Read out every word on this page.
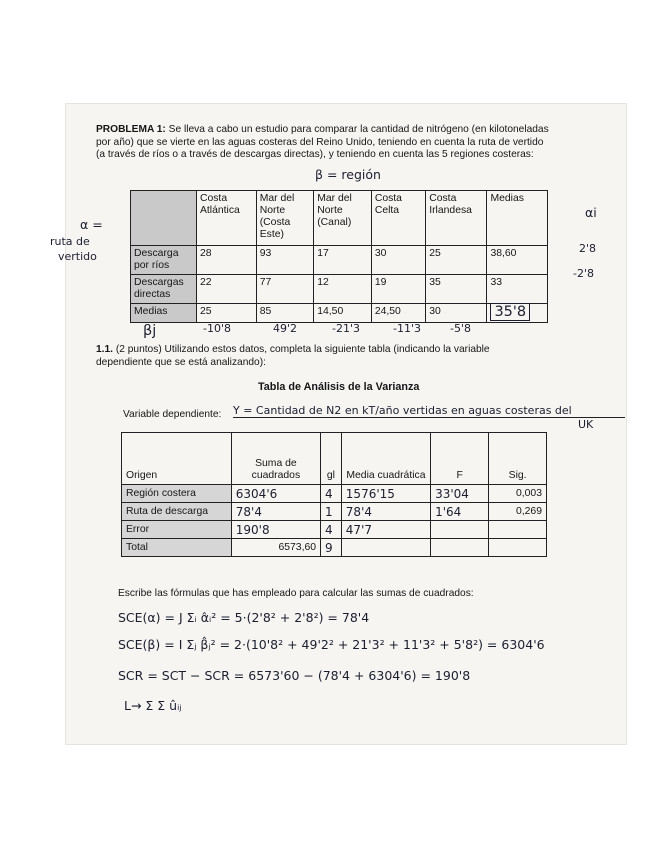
PROBLEMA 1: Se lleva a cabo un estudio para comparar la cantidad de nitrógeno (en kilotoneladas
por año) que se vierte en las aguas costeras del Reino Unido, teniendo en cuenta la ruta de vertido
(a través de ríos o a través de descargas directas), y teniendo en cuenta las 5 regiones costeras:
β = región
α =
ruta de
vertido
αi
2'8
-2'8
	Costa Atlántica	Mar del Norte (Costa Este)	Mar del Norte (Canal)	Costa Celta	Costa Irlandesa	Medias
Descarga por ríos	28	93	17	30	25	38,60
Descargas directas	22	77	12	19	35	33
Medias	25	85	14,50	24,50	30	35'8
βj	-10'8	49'2	-21'3	-11'3	-5'8
1.1. (2 puntos) Utilizando estos datos, completa la siguiente tabla (indicando la variable
dependiente que se está analizando):
Tabla de Análisis de la Varianza
Variable dependiente: Y = Cantidad de N2 en kT/año vertidas en aguas costeras del
UK
Origen	Suma de cuadrados	gl	Media cuadrática	F	Sig.
Región costera	6304'6	4	1576'15	33'04	0,003
Ruta de descarga	78'4	1	78'4	1'64	0,269
Error	190'8	4	47'7		
Total	6573,60	9			
Escribe las fórmulas que has empleado para calcular las sumas de cuadrados:
SCE(α) = J Σᵢ α̂ᵢ² = 5·(2'8² + 2'8²) = 78'4
SCE(β) = I Σⱼ β̂ⱼ² = 2·(10'8² + 49'2² + 21'3² + 11'3² + 5'8²) = 6304'6
SCR = SCT − SCR = 6573'60 − (78'4 + 6304'6) = 190'8
L→ Σ Σ ûᵢⱼ
